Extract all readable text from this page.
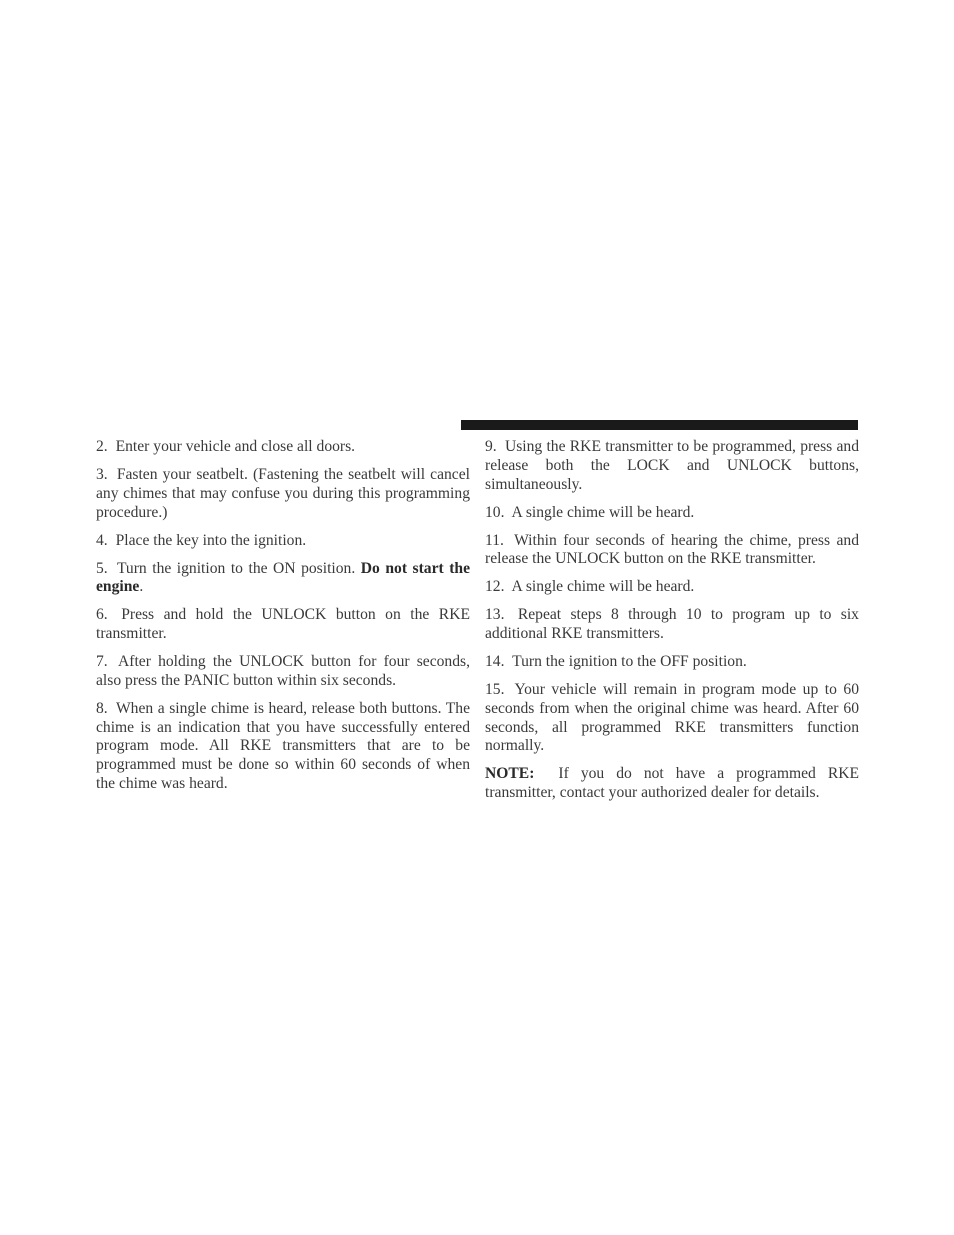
2. Enter your vehicle and close all doors.

3. Fasten your seatbelt. (Fastening the seatbelt will cancel any chimes that may confuse you during this programming procedure.)

4. Place the key into the ignition.

5. Turn the ignition to the ON position. Do not start the engine.

6. Press and hold the UNLOCK button on the RKE transmitter.

7. After holding the UNLOCK button for four seconds, also press the PANIC button within six seconds.

8. When a single chime is heard, release both buttons. The chime is an indication that you have successfully entered program mode. All RKE transmitters that are to be programmed must be done so within 60 seconds of when the chime was heard.

9. Using the RKE transmitter to be programmed, press and release both the LOCK and UNLOCK buttons, simultaneously.

10. A single chime will be heard.

11. Within four seconds of hearing the chime, press and release the UNLOCK button on the RKE transmitter.

12. A single chime will be heard.

13. Repeat steps 8 through 10 to program up to six additional RKE transmitters.

14. Turn the ignition to the OFF position.

15. Your vehicle will remain in program mode up to 60 seconds from when the original chime was heard. After 60 seconds, all programmed RKE transmitters function normally.

NOTE: If you do not have a programmed RKE transmitter, contact your authorized dealer for details.
